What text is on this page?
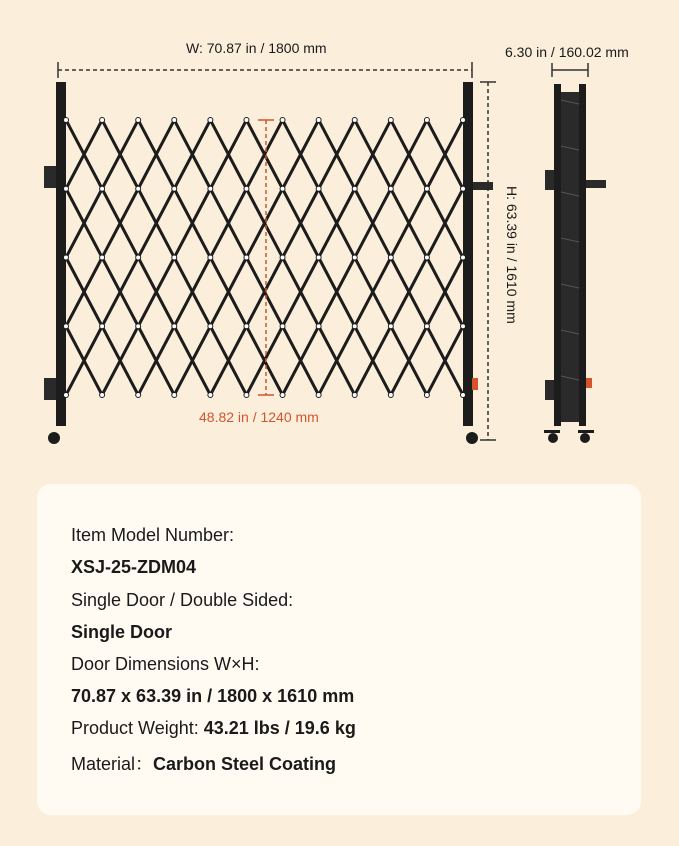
W: 70.87 in / 1800 mm	6.30 in / 160.02 mm
H: 63.39 in / 1610 mm
48.82 in / 1240 mm
Item Model Number:
XSJ-25-ZDM04
Single Door / Double Sided:
Single Door
Door Dimensions W×H:
70.87 x 63.39 in / 1800 x 1610 mm
Product Weight: 43.21 lbs / 19.6 kg
Material：Carbon Steel Coating
